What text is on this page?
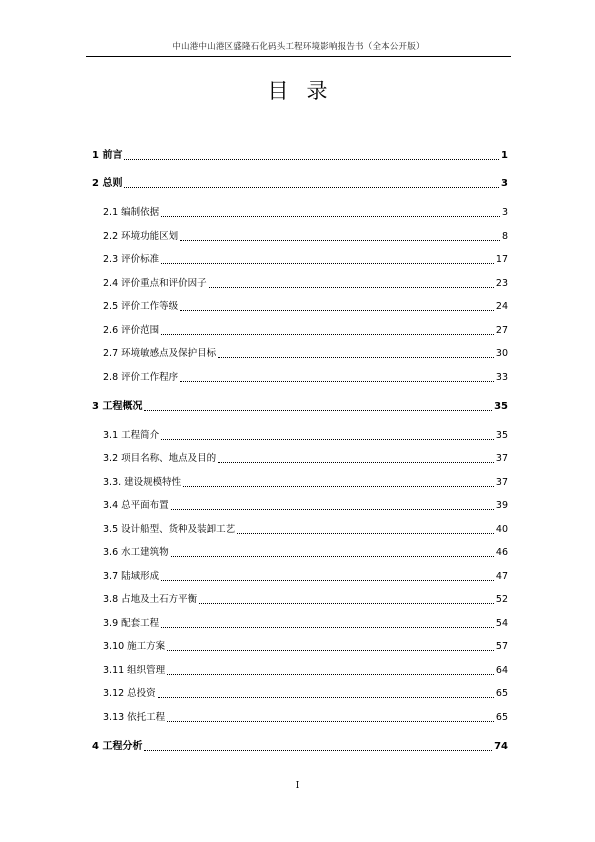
中山港中山港区盛隆石化码头工程环境影响报告书（全本公开版）
目录
1 前言	1
2 总则	3
2.1 编制依据	3
2.2 环境功能区划	8
2.3 评价标准	17
2.4 评价重点和评价因子	23
2.5 评价工作等级	24
2.6 评价范围	27
2.7 环境敏感点及保护目标	30
2.8 评价工作程序	33
3 工程概况	35
3.1 工程简介	35
3.2 项目名称、地点及目的	37
3.3. 建设规模特性	37
3.4 总平面布置	39
3.5 设计船型、货种及装卸工艺	40
3.6 水工建筑物	46
3.7 陆域形成	47
3.8 占地及土石方平衡	52
3.9 配套工程	54
3.10 施工方案	57
3.11 组织管理	64
3.12 总投资	65
3.13 依托工程	65
4 工程分析	74
I
